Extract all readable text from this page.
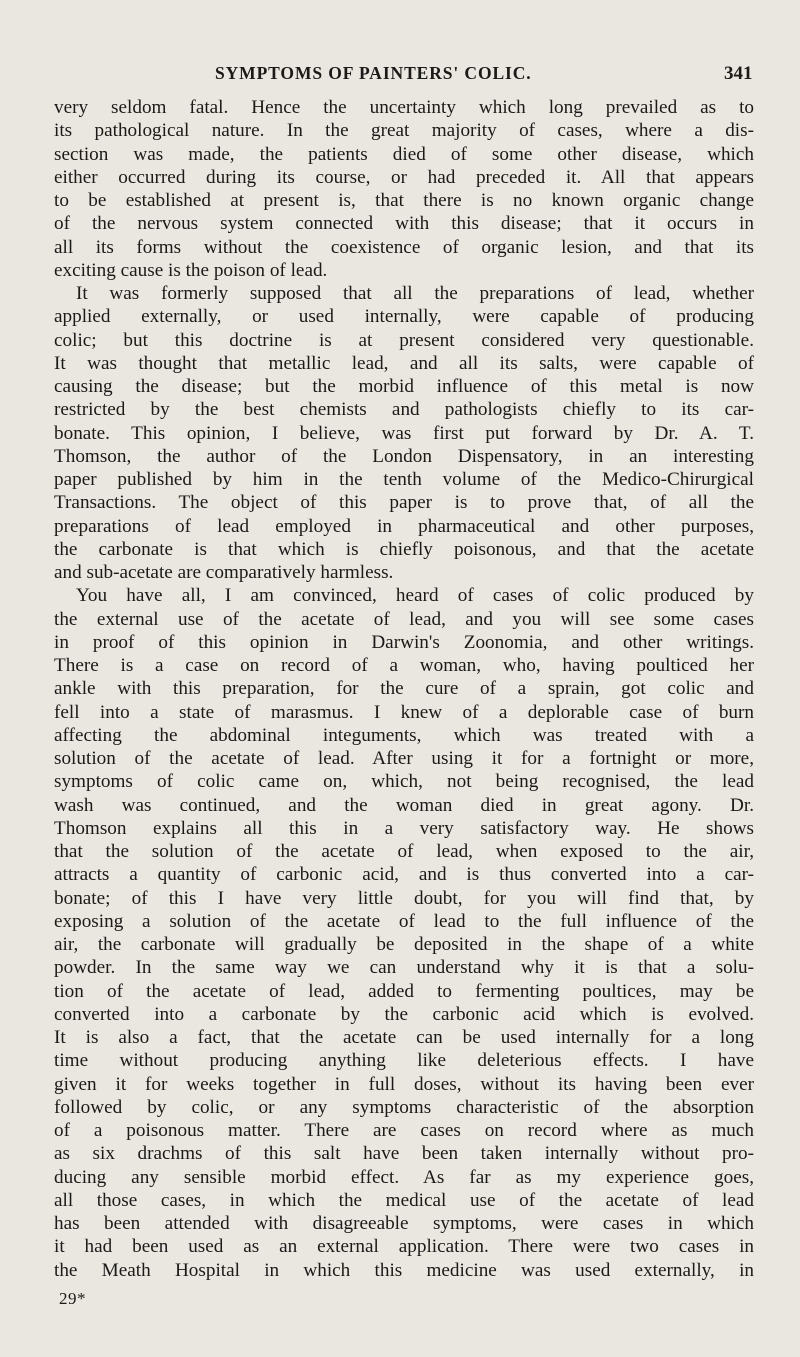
SYMPTOMS OF PAINTERS' COLIC.	341
very seldom fatal. Hence the uncertainty which long prevailed as to
its pathological nature. In the great majority of cases, where a dis-
section was made, the patients died of some other disease, which
either occurred during its course, or had preceded it. All that appears
to be established at present is, that there is no known organic change
of the nervous system connected with this disease; that it occurs in
all its forms without the coexistence of organic lesion, and that its
exciting cause is the poison of lead.
It was formerly supposed that all the preparations of lead, whether
applied externally, or used internally, were capable of producing
colic; but this doctrine is at present considered very questionable.
It was thought that metallic lead, and all its salts, were capable of
causing the disease; but the morbid influence of this metal is now
restricted by the best chemists and pathologists chiefly to its car-
bonate. This opinion, I believe, was first put forward by Dr. A. T.
Thomson, the author of the London Dispensatory, in an interesting
paper published by him in the tenth volume of the Medico-Chirurgical
Transactions. The object of this paper is to prove that, of all the
preparations of lead employed in pharmaceutical and other purposes,
the carbonate is that which is chiefly poisonous, and that the acetate
and sub-acetate are comparatively harmless.
You have all, I am convinced, heard of cases of colic produced by
the external use of the acetate of lead, and you will see some cases
in proof of this opinion in Darwin's Zoonomia, and other writings.
There is a case on record of a woman, who, having poulticed her
ankle with this preparation, for the cure of a sprain, got colic and
fell into a state of marasmus. I knew of a deplorable case of burn
affecting the abdominal integuments, which was treated with a
solution of the acetate of lead. After using it for a fortnight or more,
symptoms of colic came on, which, not being recognised, the lead
wash was continued, and the woman died in great agony. Dr.
Thomson explains all this in a very satisfactory way. He shows
that the solution of the acetate of lead, when exposed to the air,
attracts a quantity of carbonic acid, and is thus converted into a car-
bonate; of this I have very little doubt, for you will find that, by
exposing a solution of the acetate of lead to the full influence of the
air, the carbonate will gradually be deposited in the shape of a white
powder. In the same way we can understand why it is that a solu-
tion of the acetate of lead, added to fermenting poultices, may be
converted into a carbonate by the carbonic acid which is evolved.
It is also a fact, that the acetate can be used internally for a long
time without producing anything like deleterious effects. I have
given it for weeks together in full doses, without its having been ever
followed by colic, or any symptoms characteristic of the absorption
of a poisonous matter. There are cases on record where as much
as six drachms of this salt have been taken internally without pro-
ducing any sensible morbid effect. As far as my experience goes,
all those cases, in which the medical use of the acetate of lead
has been attended with disagreeable symptoms, were cases in which
it had been used as an external application. There were two cases in
the Meath Hospital in which this medicine was used externally, in
29*
